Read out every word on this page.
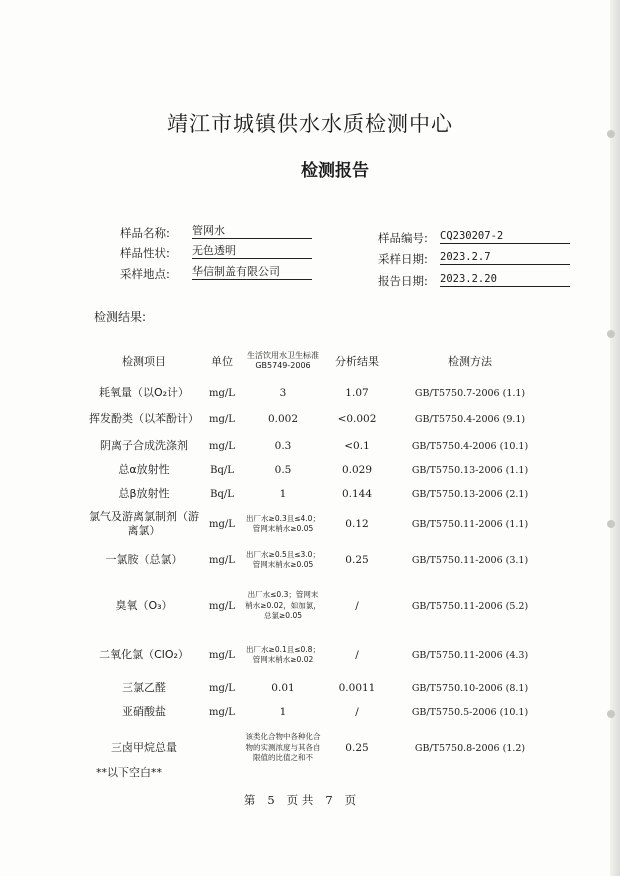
靖江市城镇供水水质检测中心
检测报告
样品名称: 管网水
样品性状: 无色透明
采样地点: 华信制盖有限公司
样品编号: CQ230207-2
采样日期: 2023.2.7
报告日期: 2023.2.20
检测结果:
检测项目	单位	生活饮用水卫生标准GB5749-2006	分析结果	检测方法
耗氧量（以O₂计）	mg/L	3	1.07	GB/T5750.7-2006 (1.1)
挥发酚类（以苯酚计）	mg/L	0.002	<0.002	GB/T5750.4-2006 (9.1)
阴离子合成洗涤剂	mg/L	0.3	<0.1	GB/T5750.4-2006 (10.1)
总α放射性	Bq/L	0.5	0.029	GB/T5750.13-2006 (1.1)
总β放射性	Bq/L	1	0.144	GB/T5750.13-2006 (2.1)
氯气及游离氯制剂（游离氯）	mg/L	出厂水≥0.3且≤4.0；管网末梢水≥0.05	0.12	GB/T5750.11-2006 (1.1)
一氯胺（总氯）	mg/L	出厂水≥0.5且≤3.0；管网末梢水≥0.05	0.25	GB/T5750.11-2006 (3.1)
臭氧（O₃）	mg/L	出厂水≤0.3；管网末梢水≥0.02，如加氯，总氯≥0.05	/	GB/T5750.11-2006 (5.2)
二氧化氯（ClO₂）	mg/L	出厂水≥0.1且≤0.8；管网末梢水≥0.02	/	GB/T5750.11-2006 (4.3)
三氯乙醛	mg/L	0.01	0.0011	GB/T5750.10-2006 (8.1)
亚硝酸盐	mg/L	1	/	GB/T5750.5-2006 (10.1)
三卤甲烷总量		该类化合物中各种化合物的实测浓度与其各自限值的比值之和不	0.25	GB/T5750.8-2006 (1.2)
**以下空白**
第 5 页 共 7 页
